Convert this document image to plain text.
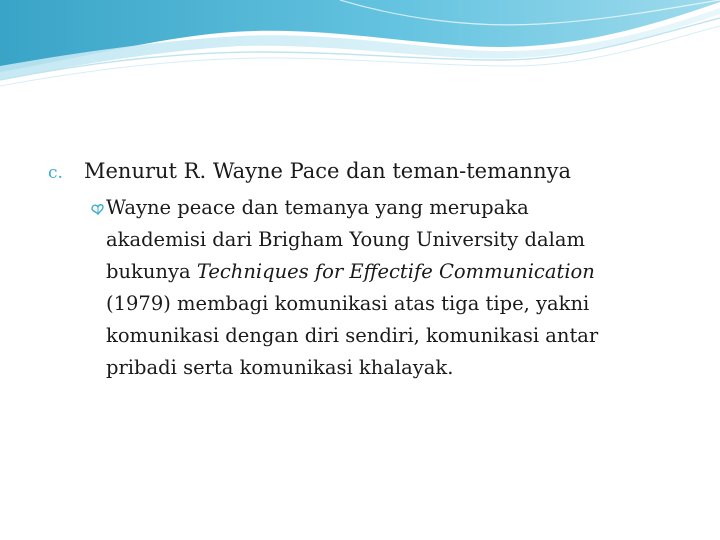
c. Menurut R. Wayne Pace dan teman-temannya
Wayne peace dan temanya yang merupaka
akademisi dari Brigham Young University dalam
bukunya Techniques for Effectife Communication
(1979) membagi komunikasi atas tiga tipe, yakni
komunikasi dengan diri sendiri, komunikasi antar
pribadi serta komunikasi khalayak.
